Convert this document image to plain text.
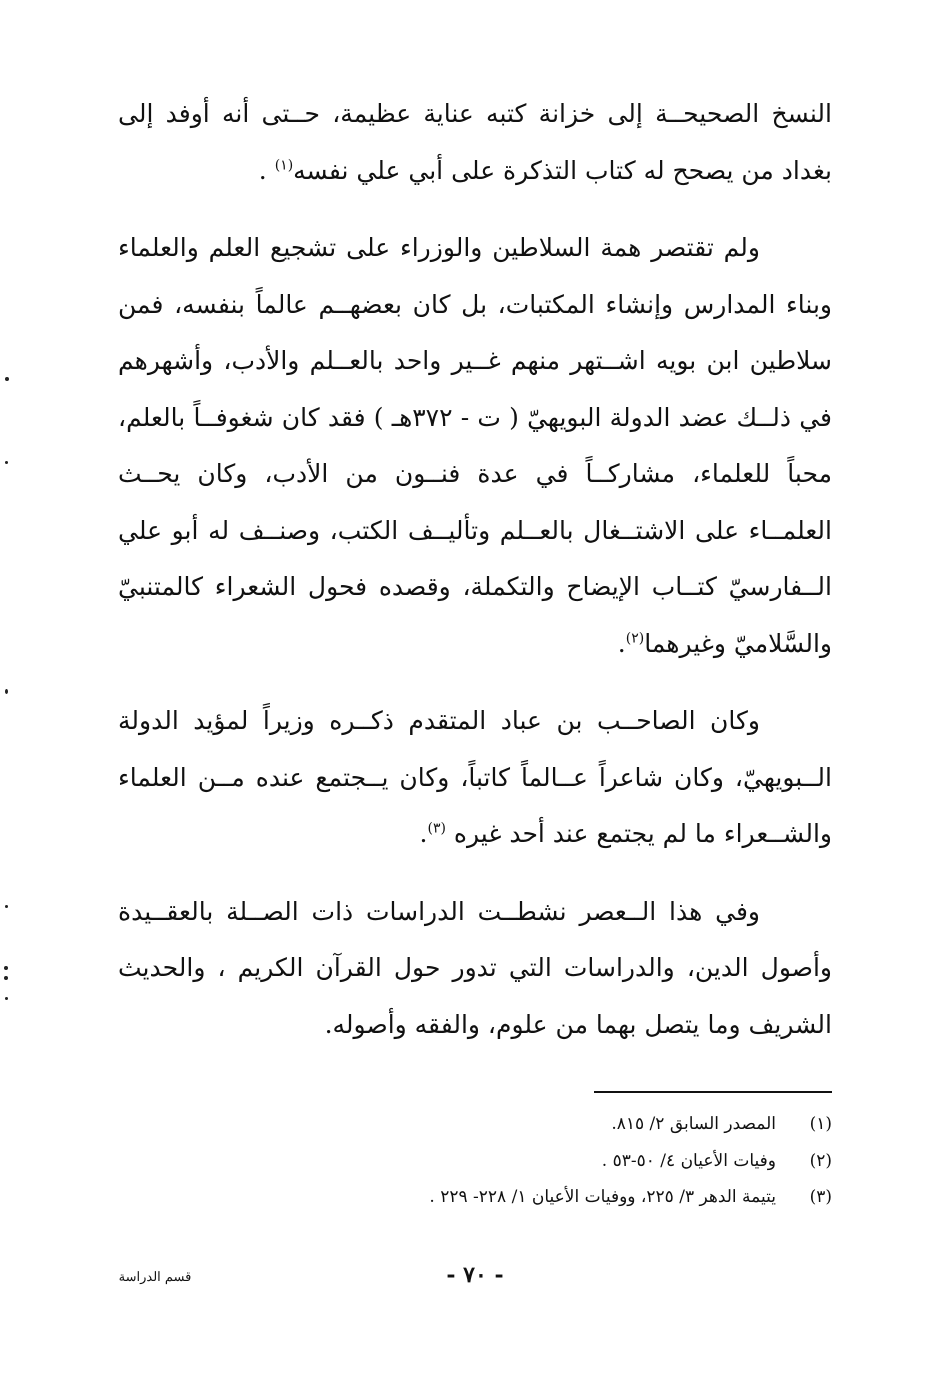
النسخ الصحيحــة إلى خزانة كتبه عناية عظيمة، حــتى أنه أوفد إلى بغداد من يصحح له كتاب التذكرة على أبي علي نفسه$^{(١)}$ .

ولم تقتصر همة السلاطين والوزراء على تشجيع العلم والعلماء وبناء المدارس وإنشاء المكتبات، بل كان بعضهــم عالماً بنفسه، فمن سلاطين ابن بويه اشــتهر منهم غــير واحد بالعــلم والأدب، وأشهرهم في ذلــك عضد الدولة البويهيّ ( ت - ٣٧٢هـ ) فقد كان شغوفــاً بالعلم، محباً للعلماء، مشاركــاً في عدة فنــون من الأدب، وكان يحــث العلمــاء على الاشتــغال بالعــلم وتأليــف الكتب، وصنــف له أبو علي الــفارسيّ كتــاب الإيضاح والتكملة، وقصده فحول الشعراء كالمتنبيّ والسَّلاميّ وغيرهما$^{(٢)}$.

وكان الصاحــب بن عباد المتقدم ذكــره وزيراً لمؤيد الدولة الــبويهيّ، وكان شاعراً عــالماً كاتباً، وكان يــجتمع عنده مــن العلماء والشــعراء ما لم يجتمع عند أحد غيره $^{(٣)}$.

وفي هذا الــعصر نشطــت الدراسات ذات الصــلة بالعقــيدة وأصول الدين، والدراسات التي تدور حول القرآن الكريم ، والحديث الشريف وما يتصل بهما من علوم، والفقه وأصوله.

(١)
المصدر السابق ٢/ ٨١٥.
(٢)
وفيات الأعيان ٤/ ٥٠-٥٣ .
(٣)
يتيمة الدهر ٣/ ٢٢٥، ووفيات الأعيان ١/ ٢٢٨- ٢٢٩ .
- ٧٠ -
قسم الدراسة
